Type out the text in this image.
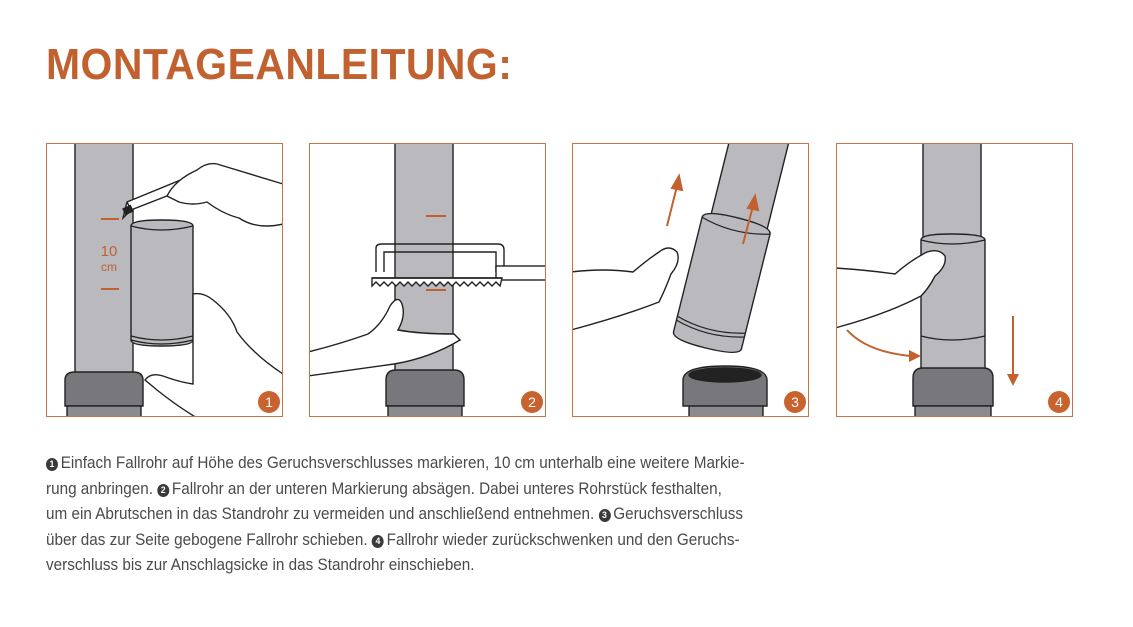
MONTAGEANLEITUNG:
10
cm
1	2	3	4

1 Einfach Fallrohr auf Höhe des Geruchsverschlusses markieren, 10 cm unterhalb eine weitere Markie-
rung anbringen. 2 Fallrohr an der unteren Markierung absägen. Dabei unteres Rohrstück festhalten,
um ein Abrutschen in das Standrohr zu vermeiden und anschließend entnehmen. 3 Geruchsverschluss
über das zur Seite gebogene Fallrohr schieben. 4 Fallrohr wieder zurückschwenken und den Geruchs-
verschluss bis zur Anschlagsicke in das Standrohr einschieben.
